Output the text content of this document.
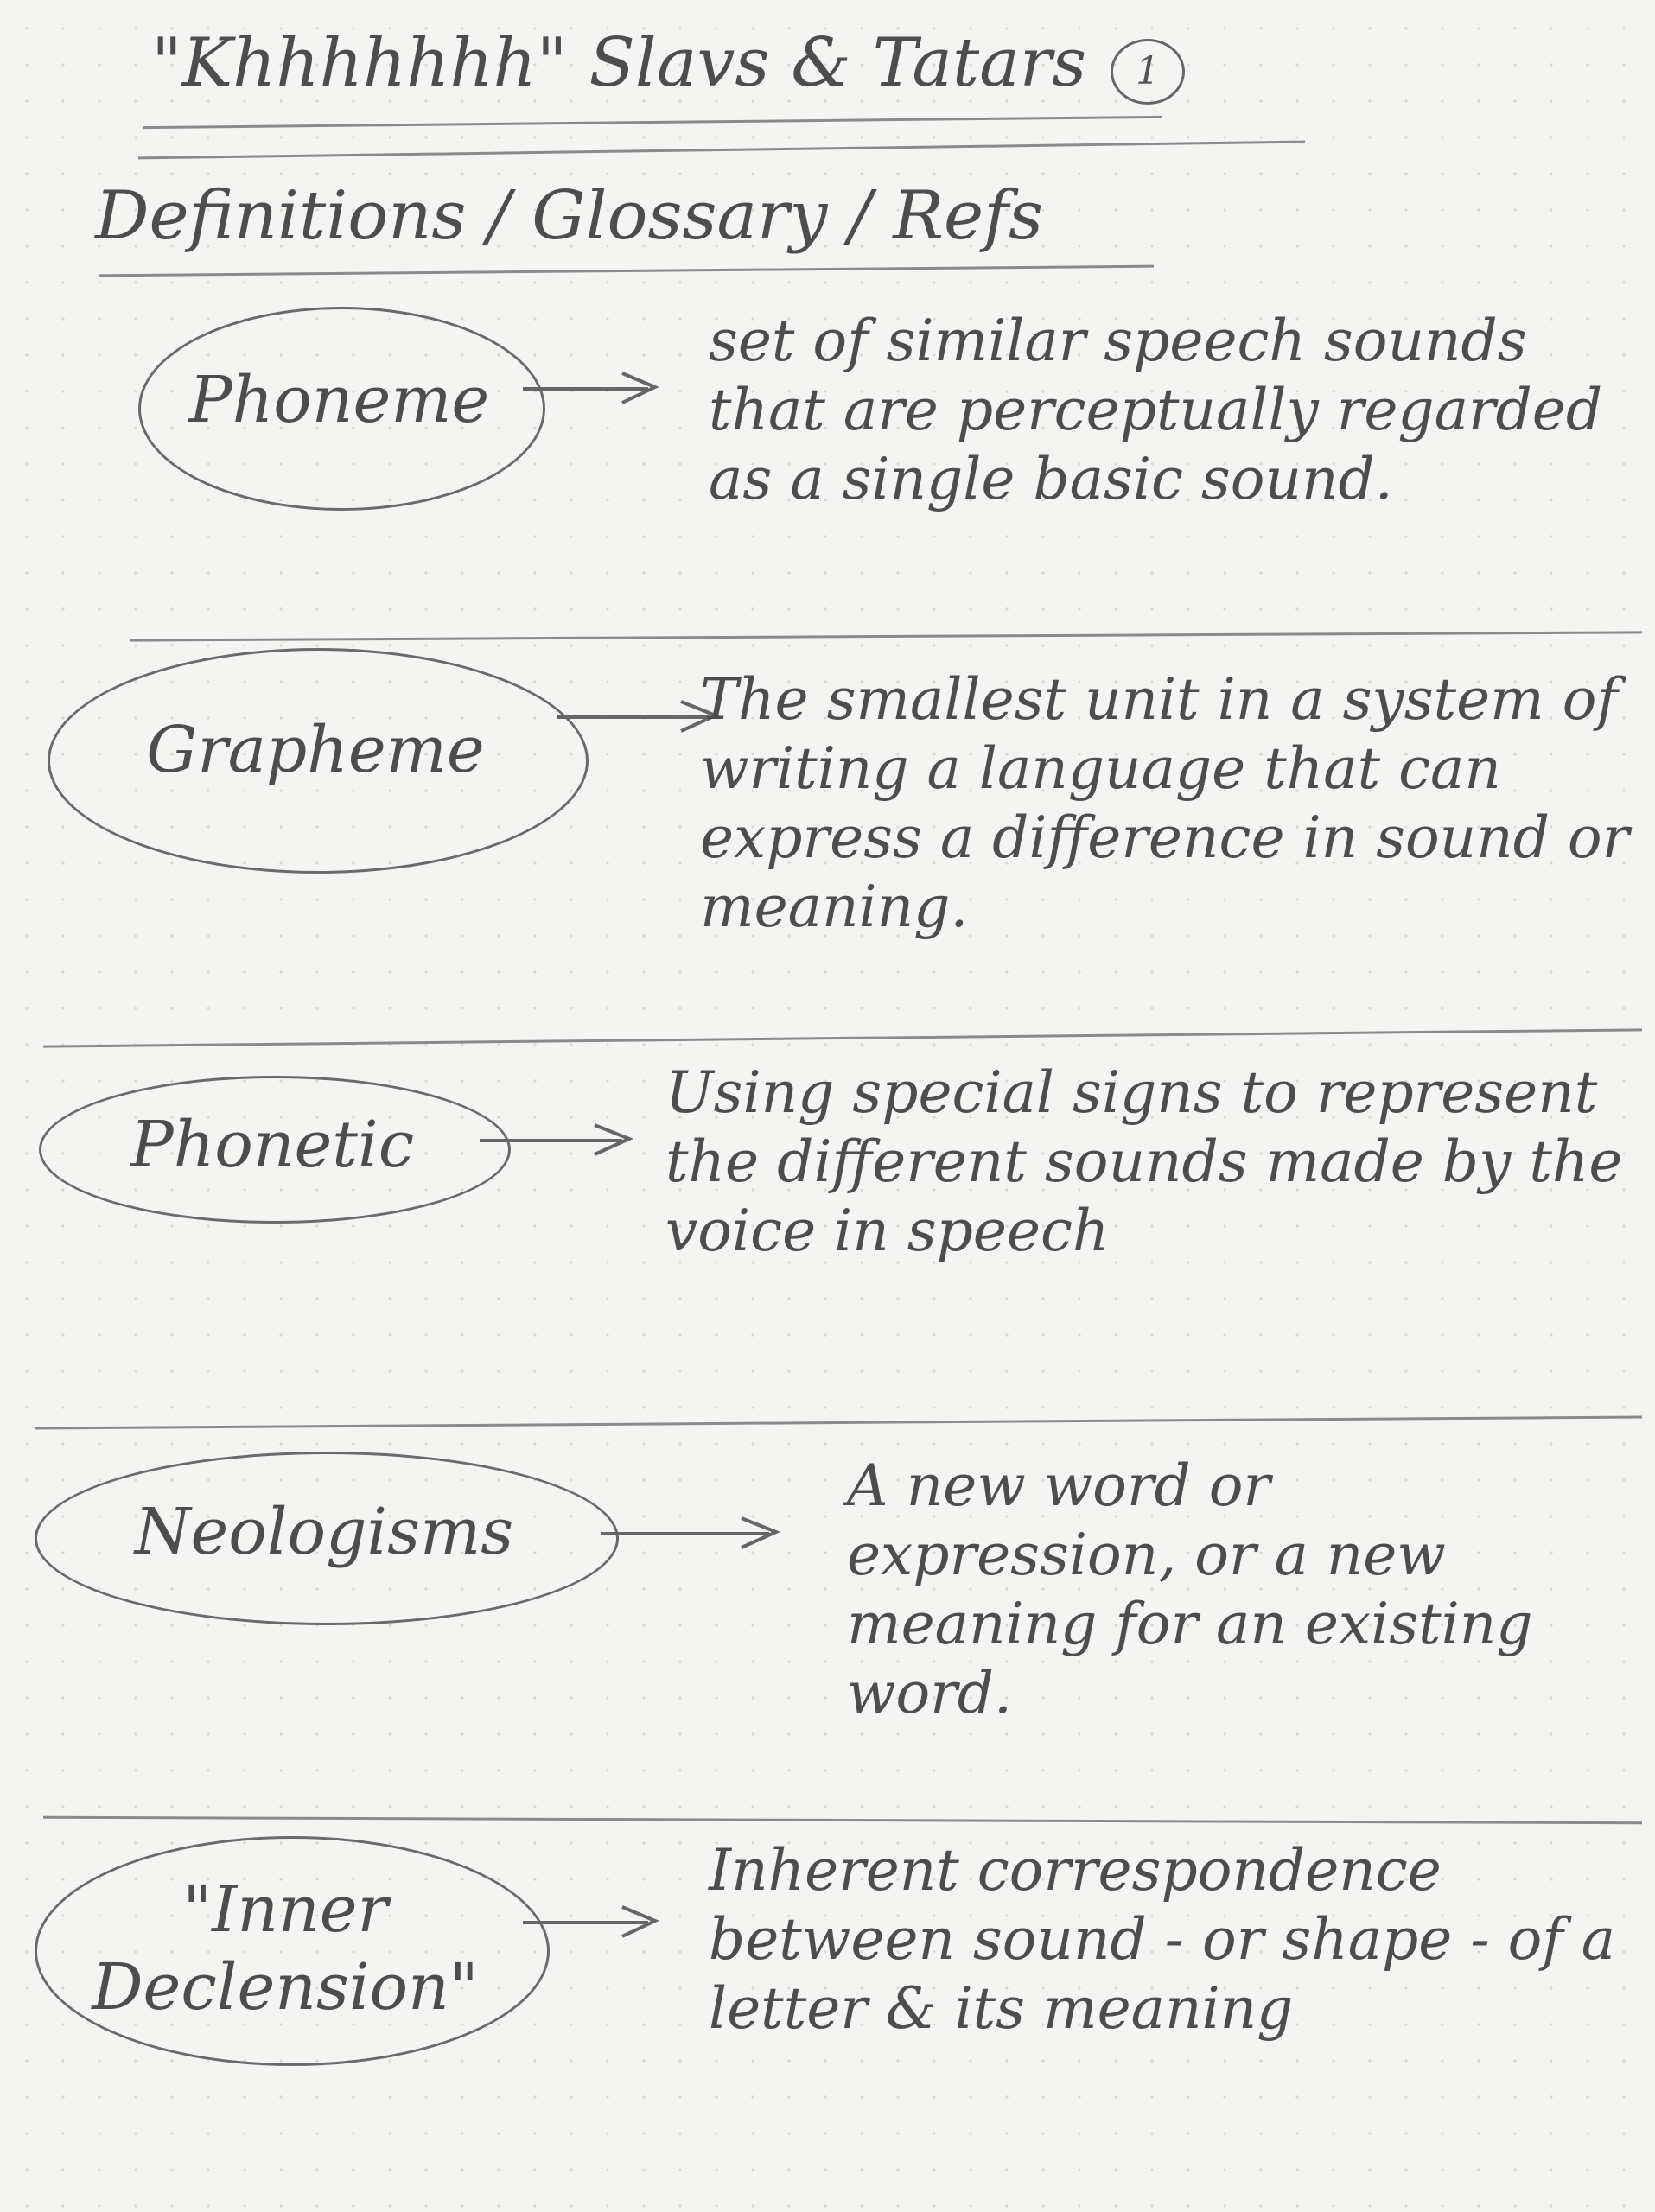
"Khhhhhhh" Slavs & Tatars	1
Definitions / Glossary / Refs
Phoneme
set of similar speech sounds that are perceptually regarded as a single basic sound.
Grapheme
The smallest unit in a system of writing a language that can express a difference in sound or meaning.
Phonetic
Using special signs to represent the different sounds made by the voice in speech
Neologisms
A new word or expression, or a new meaning for an existing word.
"Inner Declension"
Inherent correspondence between sound - or shape - of a letter & its meaning
